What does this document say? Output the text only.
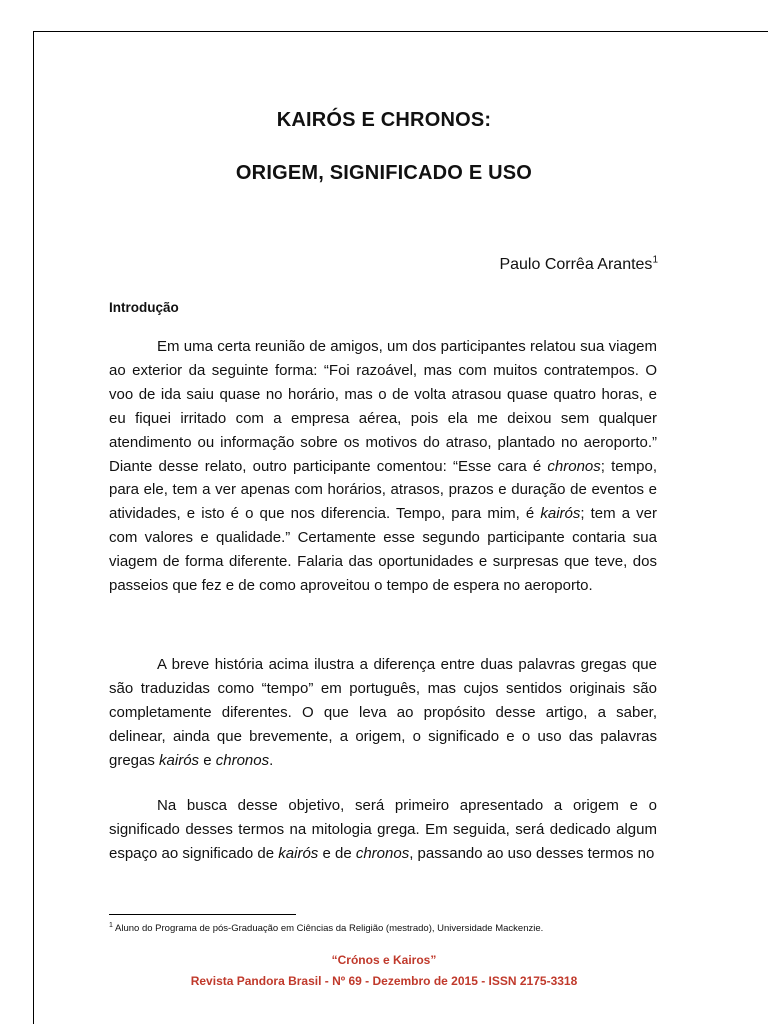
KAIRÓS E CHRONOS:
ORIGEM, SIGNIFICADO E USO
Paulo Corrêa Arantes$^1$
Introdução

Em uma certa reunião de amigos, um dos participantes relatou sua viagem ao exterior da seguinte forma: “Foi razoável, mas com muitos contratempos. O voo de ida saiu quase no horário, mas o de volta atrasou quase quatro horas, e eu fiquei irritado com a empresa aérea, pois ela me deixou sem qualquer atendimento ou informação sobre os motivos do atraso, plantado no aeroporto.” Diante desse relato, outro participante comentou: “Esse cara é chronos; tempo, para ele, tem a ver apenas com horários, atrasos, prazos e duração de eventos e atividades, e isto é o que nos diferencia. Tempo, para mim, é kairós; tem a ver com valores e qualidade.” Certamente esse segundo participante contaria sua viagem de forma diferente. Falaria das oportunidades e surpresas que teve, dos passeios que fez e de como aproveitou o tempo de espera no aeroporto.

A breve história acima ilustra a diferença entre duas palavras gregas que são traduzidas como “tempo” em português, mas cujos sentidos originais são completamente diferentes. O que leva ao propósito desse artigo, a saber, delinear, ainda que brevemente, a origem, o significado e o uso das palavras gregas kairós e chronos.

Na busca desse objetivo, será primeiro apresentado a origem e o significado desses termos na mitologia grega. Em seguida, será dedicado algum espaço ao significado de kairós e de chronos, passando ao uso desses termos no

$^1$ Aluno do Programa de pós-Graduação em Ciências da Religião (mestrado), Universidade Mackenzie.
“Crónos e Kairos”
Revista Pandora Brasil - Nº 69 - Dezembro de 2015 - ISSN 2175-3318
